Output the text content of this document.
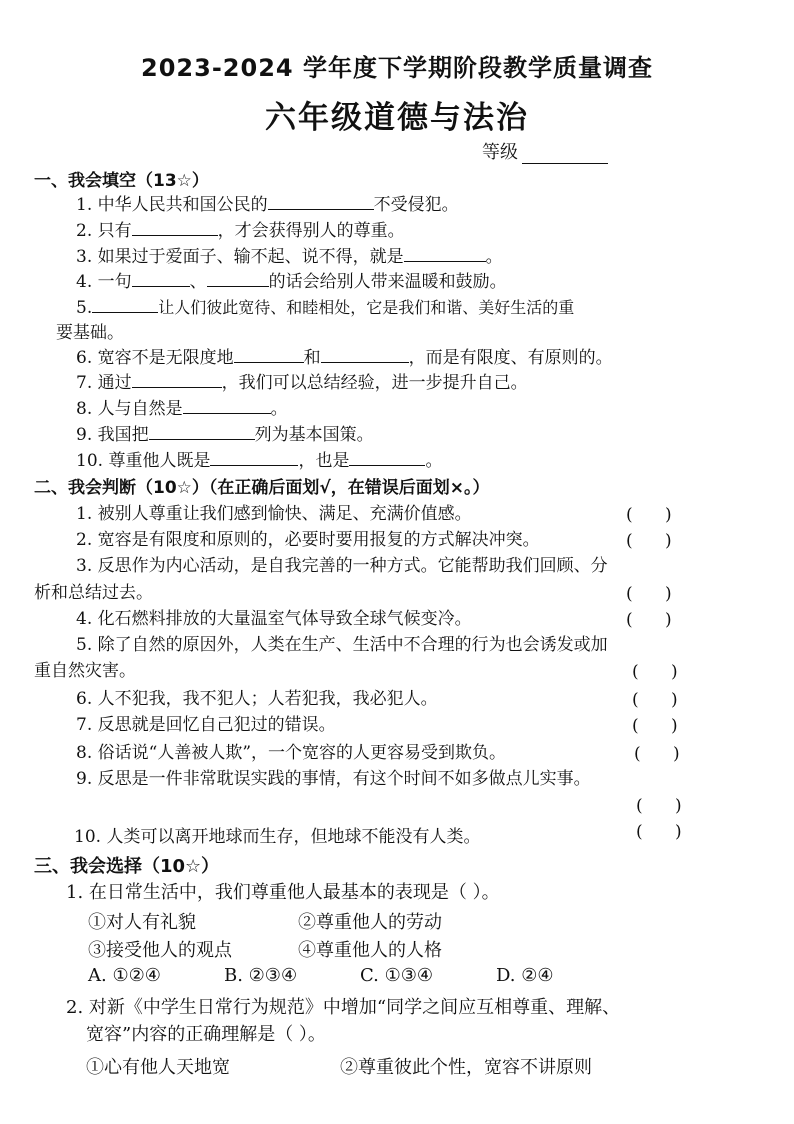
2023-2024 学年度下学期阶段教学质量调查
六年级道德与法治
等级
一、我会填空（13☆）
1. 中华人民共和国公民的	不受侵犯。
2. 只有	，才会获得别人的尊重。
3. 如果过于爱面子、输不起、说不得，就是	。
4. 一句	、	的话会给别人带来温暖和鼓励。
5.	让人们彼此宽待、和睦相处，它是我们和谐、美好生活的重
要基础。
6. 宽容不是无限度地	和	，而是有限度、有原则的。
7. 通过	，我们可以总结经验，进一步提升自己。
8. 人与自然是	。
9. 我国把	列为基本国策。
10. 尊重他人既是	，也是	。
二、我会判断（10☆）（在正确后面划√，在错误后面划×。）
1. 被别人尊重让我们感到愉快、满足、充满价值感。	(      )
2. 宽容是有限度和原则的，必要时要用报复的方式解决冲突。	(      )
3. 反思作为内心活动，是自我完善的一种方式。它能帮助我们回顾、分
析和总结过去。	(      )
4. 化石燃料排放的大量温室气体导致全球气候变冷。	(      )
5. 除了自然的原因外，人类在生产、生活中不合理的行为也会诱发或加
重自然灾害。	(      )
6. 人不犯我，我不犯人；人若犯我，我必犯人。	(      )
7. 反思就是回忆自己犯过的错误。	(      )
8. 俗话说“人善被人欺”，一个宽容的人更容易受到欺负。	(      )
9. 反思是一件非常耽误实践的事情，有这个时间不如多做点儿实事。
(      )
10. 人类可以离开地球而生存，但地球不能没有人类。	(      )
三、我会选择（10☆）
1. 在日常生活中，我们尊重他人最基本的表现是（ ）。
①对人有礼貌	②尊重他人的劳动
③接受他人的观点	④尊重他人的人格
A. ①②④	B. ②③④	C. ①③④	D. ②④
2. 对新《中学生日常行为规范》中增加“同学之间应互相尊重、理解、
宽容”内容的正确理解是（ ）。
①心有他人天地宽	②尊重彼此个性，宽容不讲原则
